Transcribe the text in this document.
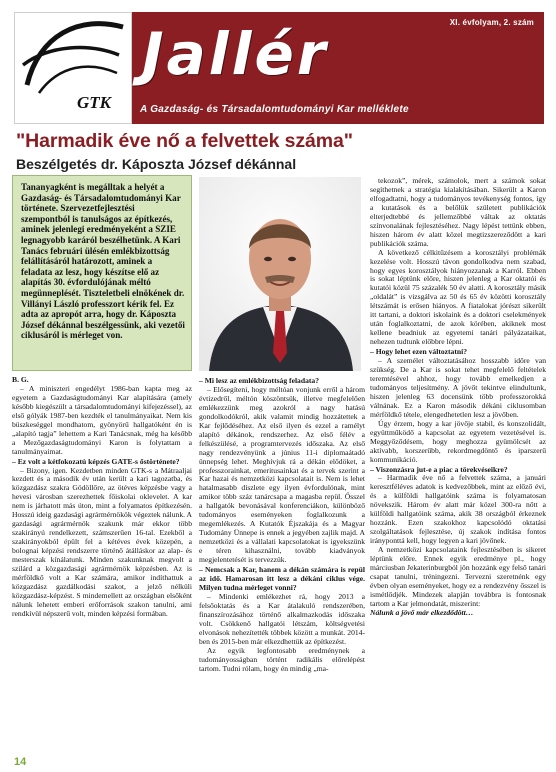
GTK
XI. évfolyam, 2. szám
Jallér
A Gazdaság- és Társadalomtudományi Kar melléklete
"Harmadik éve nő a felvettek száma"
Beszélgetés dr. Káposzta József dékánnal

Tananyagként is megálltak a helyét a Gazdaság- és Társadalomtudományi Kar története. Szervezetfejlesztési szempontból is tanulságos az építkezés, aminek jelenlegi eredményeként a SZIE legnagyobb karáról beszélhetünk. A Kari Tanács februári ülésén emlékbizottság felállításáról határozott, aminek a feladata az lesz, hogy készítse elő az alapítás 30. évfordulójának méltó megünneplését. Tiszteletbeli elnökének dr. Villányi László professzort kérik fel. Ez adta az apropót arra, hogy dr. Káposzta József dékánnal beszélgessünk, aki vezetői ciklusáról is mérleget von.

B. G.

– A miniszteri engedélyt 1986-ban kapta meg az egyetem a Gazdaságtudományi Kar alapítására (amely később kiegészült a társadalomtudományi kifejezéssel), az első gólyák 1987-ben kezdték el tanulmányaikat. Nem kis büszkeséggel mondhatom, gyönyörű hallgatóként én is „alapító tagja” lehettem a Kari Tanácsnak, még ha később a Mezőgazdaságtudományi Karon is folytattam a tanulmányaimat.

– Ez volt a kétfokozatú képzés GATE-s őstörténete?

– Bizony, igen. Kezdetben minden GTK-s a Mátraaljai kezdett és a második év után került a kari tagozatba, és közgazdász szakra Gödöllőre, az ötéves képzésbe vagy a hevesi városban szerezhettek főiskolai oklevelet. A kar nem is járhatott más úton, mint a folyamatos építkezésén. Hosszú ideig gazdasági agrármérnökök végeztek nálunk. A gazdasági agrármérnök szakunk már ekkor több szakirányú rendelkezett, számszerűen 16-tal. Ezekből a szakirányokból épült fel a kétéves évek közepén, a bolognai képzési rendszerre történő átálláskor az alap- és mesterszak kínálatunk. Minden szakunknak megvolt a szilárd a közgazdasági agrármérnök képzésben. Az is mérföldkő volt a Kar számára, amikor indíthattuk a közgazdász gazdálkodási szakot, a jelző nélküli közgazdász-képzést. S mindemellett az országban elsőként nálunk lehetett emberi erőforrások szakon tanulni, ami rendkívül népszerű volt, minden képzési formában.

– Mi lesz az emlékbizottság feladata?

– Elősegíteni, hogy méltóan vonjunk erről a három évtizedről, méltón köszöntsük, illetve megfelelően emlékezzünk meg azokról a nagy hatású gondolkodókról, akik valamit mindig hozzátettek a Kar fejlődéséhez. Az első ilyen és ezzel a ramélyt alapító dékánok, rendszerhez. Az első félév a felkészülésé, a programtervezés időszaka. Az első nagy rendezvényünk a június 11-i diplomaátadó ünnepség lehet. Meghívjuk rá a dékán elődöket, a professzorainkat, emeritusainkat és a tervek szerint a Kar hazai és nemzetközi kapcsolatait is. Nem is lehet hatalmasabb díszlete egy ilyen évfordulónak, mint amikor több száz tanárcsapa a magasba repül. Ősszel a hallgatók bevonásával konferenciákon, különböző tudományos eseményeken foglalkozunk a megemlékezés. A Kutatók Éjszakája és a Magyar Tudomány Ünnepe is ennek a jegyében zajlik majd. A nemzetközi és a vállalati kapcsolatokat is igyekszünk e téren kihasználni, tovább kiadványok megjelentetését is tervezzük.

– Nemcsak a Kar, hanem a dékán számára is repül az idő. Hamarosan itt lesz a dékáni ciklus vége. Milyen tudna mérleget vonni?

– Mindenki emlékezhet rá, hogy 2013 a felsőoktatás és a Kar átalakuló rendszerében, finanszírozásához történő alkalmazkodás időszaka volt. Csökkenő hallgatói létszám, költségvetési elvonások nehezítették többek között a munkát. 2014-ben és 2015-ben már elkezdhettük az építkezést.

Az egyik legfontosabb eredménynek a tudományosságban történt radikális előrelépést tartom. Tudni rólam, hogy én mindig „ma-

tekozok”, mérek, számolok, mert a számok sokat segíthetnek a stratégia kialakításában. Sikerült a Karon elfogadtatni, hogy a tudományos tevékenység fontos, így a kutatások és a belőlük született publikációk elterjedtebbé és jellemzőbbé váltak az oktatás színvonalának fejlesztéséhez. Nagy lépést tettünk ebben, hiszen három év alatt közel megtizszereződött a kari publikációk száma.

A következő célkitűzésem a korosztályi problémák kezelése volt. Hosszú távon gondolkodva nem szabad, hogy egyes korosztályok hiányozzanak a Karról. Ebben is sokat léptünk előre, hiszen jelenleg a Kar oktatói és kutatói közül 75 százalék 50 év alatti. A korosztály másik „oldalát” is vizsgálva az 50 és 65 év közötti korosztály létszámát is erősen hiányos. A fiatalokat jórészt sikerült itt tartani, a doktori iskolaink és a doktori cselekmények után foglalkoztatni, de azok körében, akiknek most kellene beadniuk az egyetemi tanári pályázataikat, nehezen tudtunk előbbre lépni.

– Hogy lehet ezen változtatni?

– A személet változtatásához hosszabb időre van szükség. De a Kar is sokat tehet megfelelő feltételek teremtésével ahhoz, hogy tovább emelkedjen a tudományos teljesítmény. A jövőt tekintve elindultunk, hiszen jelenleg 63 docensünk több professzorokká válnának. Ez a Karon második dékáni ciklusomban mérföldkő tétele, elengedhetetlen lesz a jövőben.

Úgy érzem, hogy a kar jövője stabil, és konszolidált, együttműködő a kapcsolat az egyetem vezetésével is. Meggyőződésem, hogy meghozza gyümölcsét az aktívabb, korszerűbb, rekordmegdöntő és iparszerű kommunikáció.

– Viszonzásra jut-e a piac a törekvéseikre?

– Harmadik éve nő a felvettek száma, a januári keresztféléves adatok is kedvezőbbek, mint az előző évi, és a külföldi hallgatóink száma is folyamatosan növekszik. Három év alatt már közel 300-ra nőtt a külföldi hallgatóink száma, akik 38 országból érkeznek hozzánk. Ezen szakokhoz kapcsolódó oktatási szolgáltatások fejlesztése, új szakok indítása fontos irányponttá kell, hogy legyen a kari jövőnek.

A nemzetközi kapcsolataink fejlesztésében is sikeret léptünk előre. Ennek egyik eredménye pl., hogy márciusban Jekaterinburgból jön hozzánk egy felső tanári csapat tanulni, tréningezni. Tervezni szeretnénk egy évben olyan eseményeket, hogy ez a rendezvény ősszel is ismétlődjék. Mindezek alapján továbbra is fontosnak tartom a Kar jelmondatát, miszerint:

Nálunk a jövő már elkezdődött…

14
